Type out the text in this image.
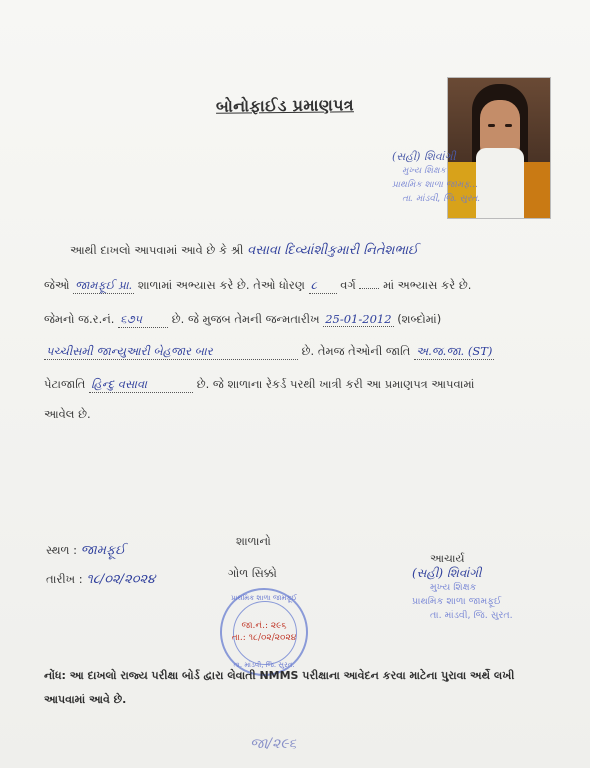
બોનોફાઈડ પ્રમાણપત્ર
(સહી) શિવાંગી
મુખ્ય શિક્ષક
પ્રાથમિક શાળા જામફ...
તા. માંડવી, જિ. સુરત.
આથી દાખલો આપવામાં આવે છે કે શ્રી વસાવા દિવ્યાંશીકુમારી નિતેશભાઈ
જેઓ જામફૂઈ પ્રા. શાળામાં અભ્યાસ કરે છે. તેઓ ધોરણ ૮ વર્ગ માં અભ્યાસ કરે છે.
જેમનો જ.ર.નં. ૬૭૫	છે. જે મુજબ તેમની જન્મતારીખ 25-01-2012 (શબ્દોમાં)
પચ્ચીસમી જાન્યુઆરી બેહજાર બાર	છે. તેમજ તેઓની જાતિ અ.જ.જા. (ST)
પેટાજાતિ હિન્દુ વસાવા	છે. જે શાળાના રેકર્ડ પરથી ખાત્રી કરી આ પ્રમાણપત્ર આપવામાં
આવેલ છે.
સ્થળ : જામફૂઈ
તારીખ : ૧૮/૦૨/૨૦૨૪
શાળાનો
ગોળ સિક્કો
પ્રાથમિક શાળા જામફૂઈ
જા.નં.: ૨૯૬
તા.: ૧૮/૦૨/૨૦૨૪
તા. માંડવી, જિ. સુરત.
આચાર્ય
(સહી) શિવાંગી
મુખ્ય શિક્ષક
પ્રાથમિક શાળા જામફૂઈ
તા. માંડવી, જિ. સુરત.
નોંધ: આ દાખલો રાજ્ય પરીક્ષા બોર્ડ દ્વારા લેવાતી NMMS પરીક્ષાના આવેદન કરવા માટેના પુરાવા અર્થે લખી આપવામાં આવે છે.
જા/૨૯૬
